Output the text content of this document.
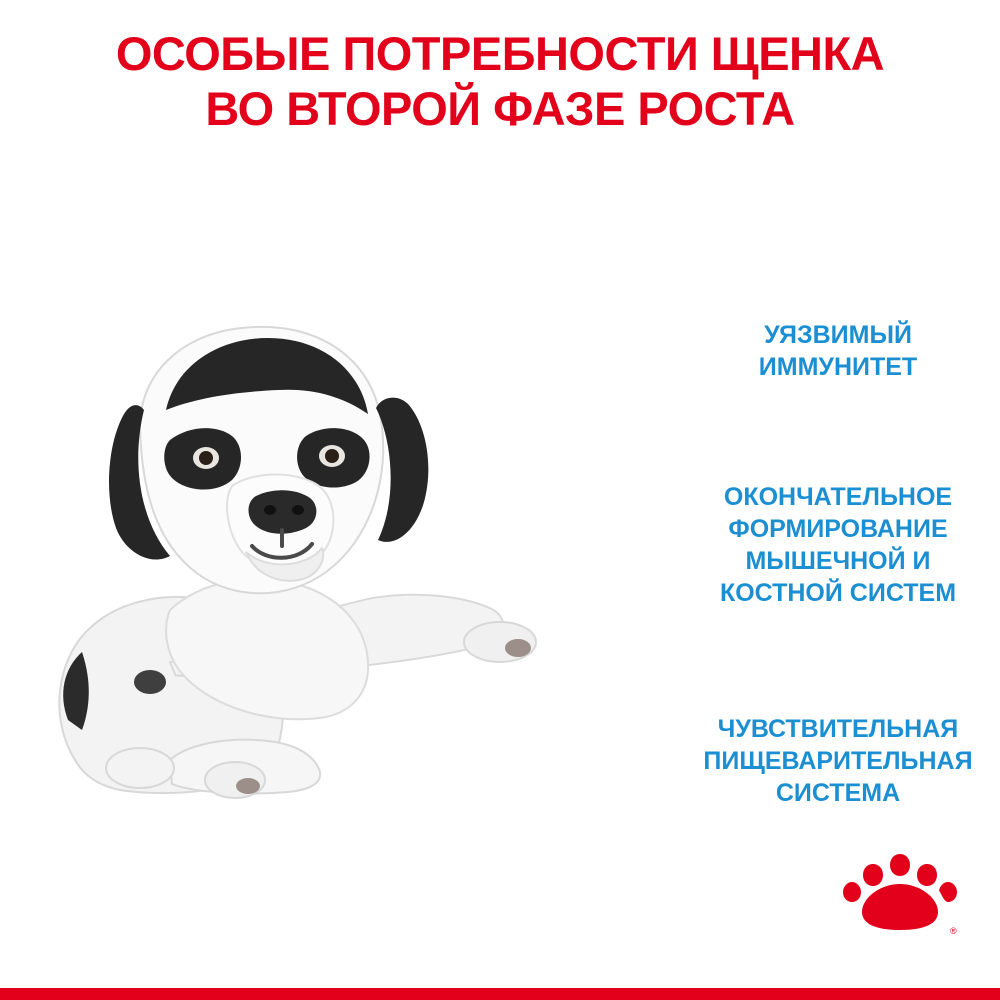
ОСОБЫЕ ПОТРЕБНОСТИ ЩЕНКА
ВО ВТОРОЙ ФАЗЕ РОСТА
УЯЗВИМЫЙ ИММУНИТЕТ
ОКОНЧАТЕЛЬНОЕ ФОРМИРОВАНИЕ МЫШЕЧНОЙ И КОСТНОЙ СИСТЕМ
ЧУВСТВИТЕЛЬНАЯ ПИЩЕВАРИТЕЛЬНАЯ СИСТЕМА
®
